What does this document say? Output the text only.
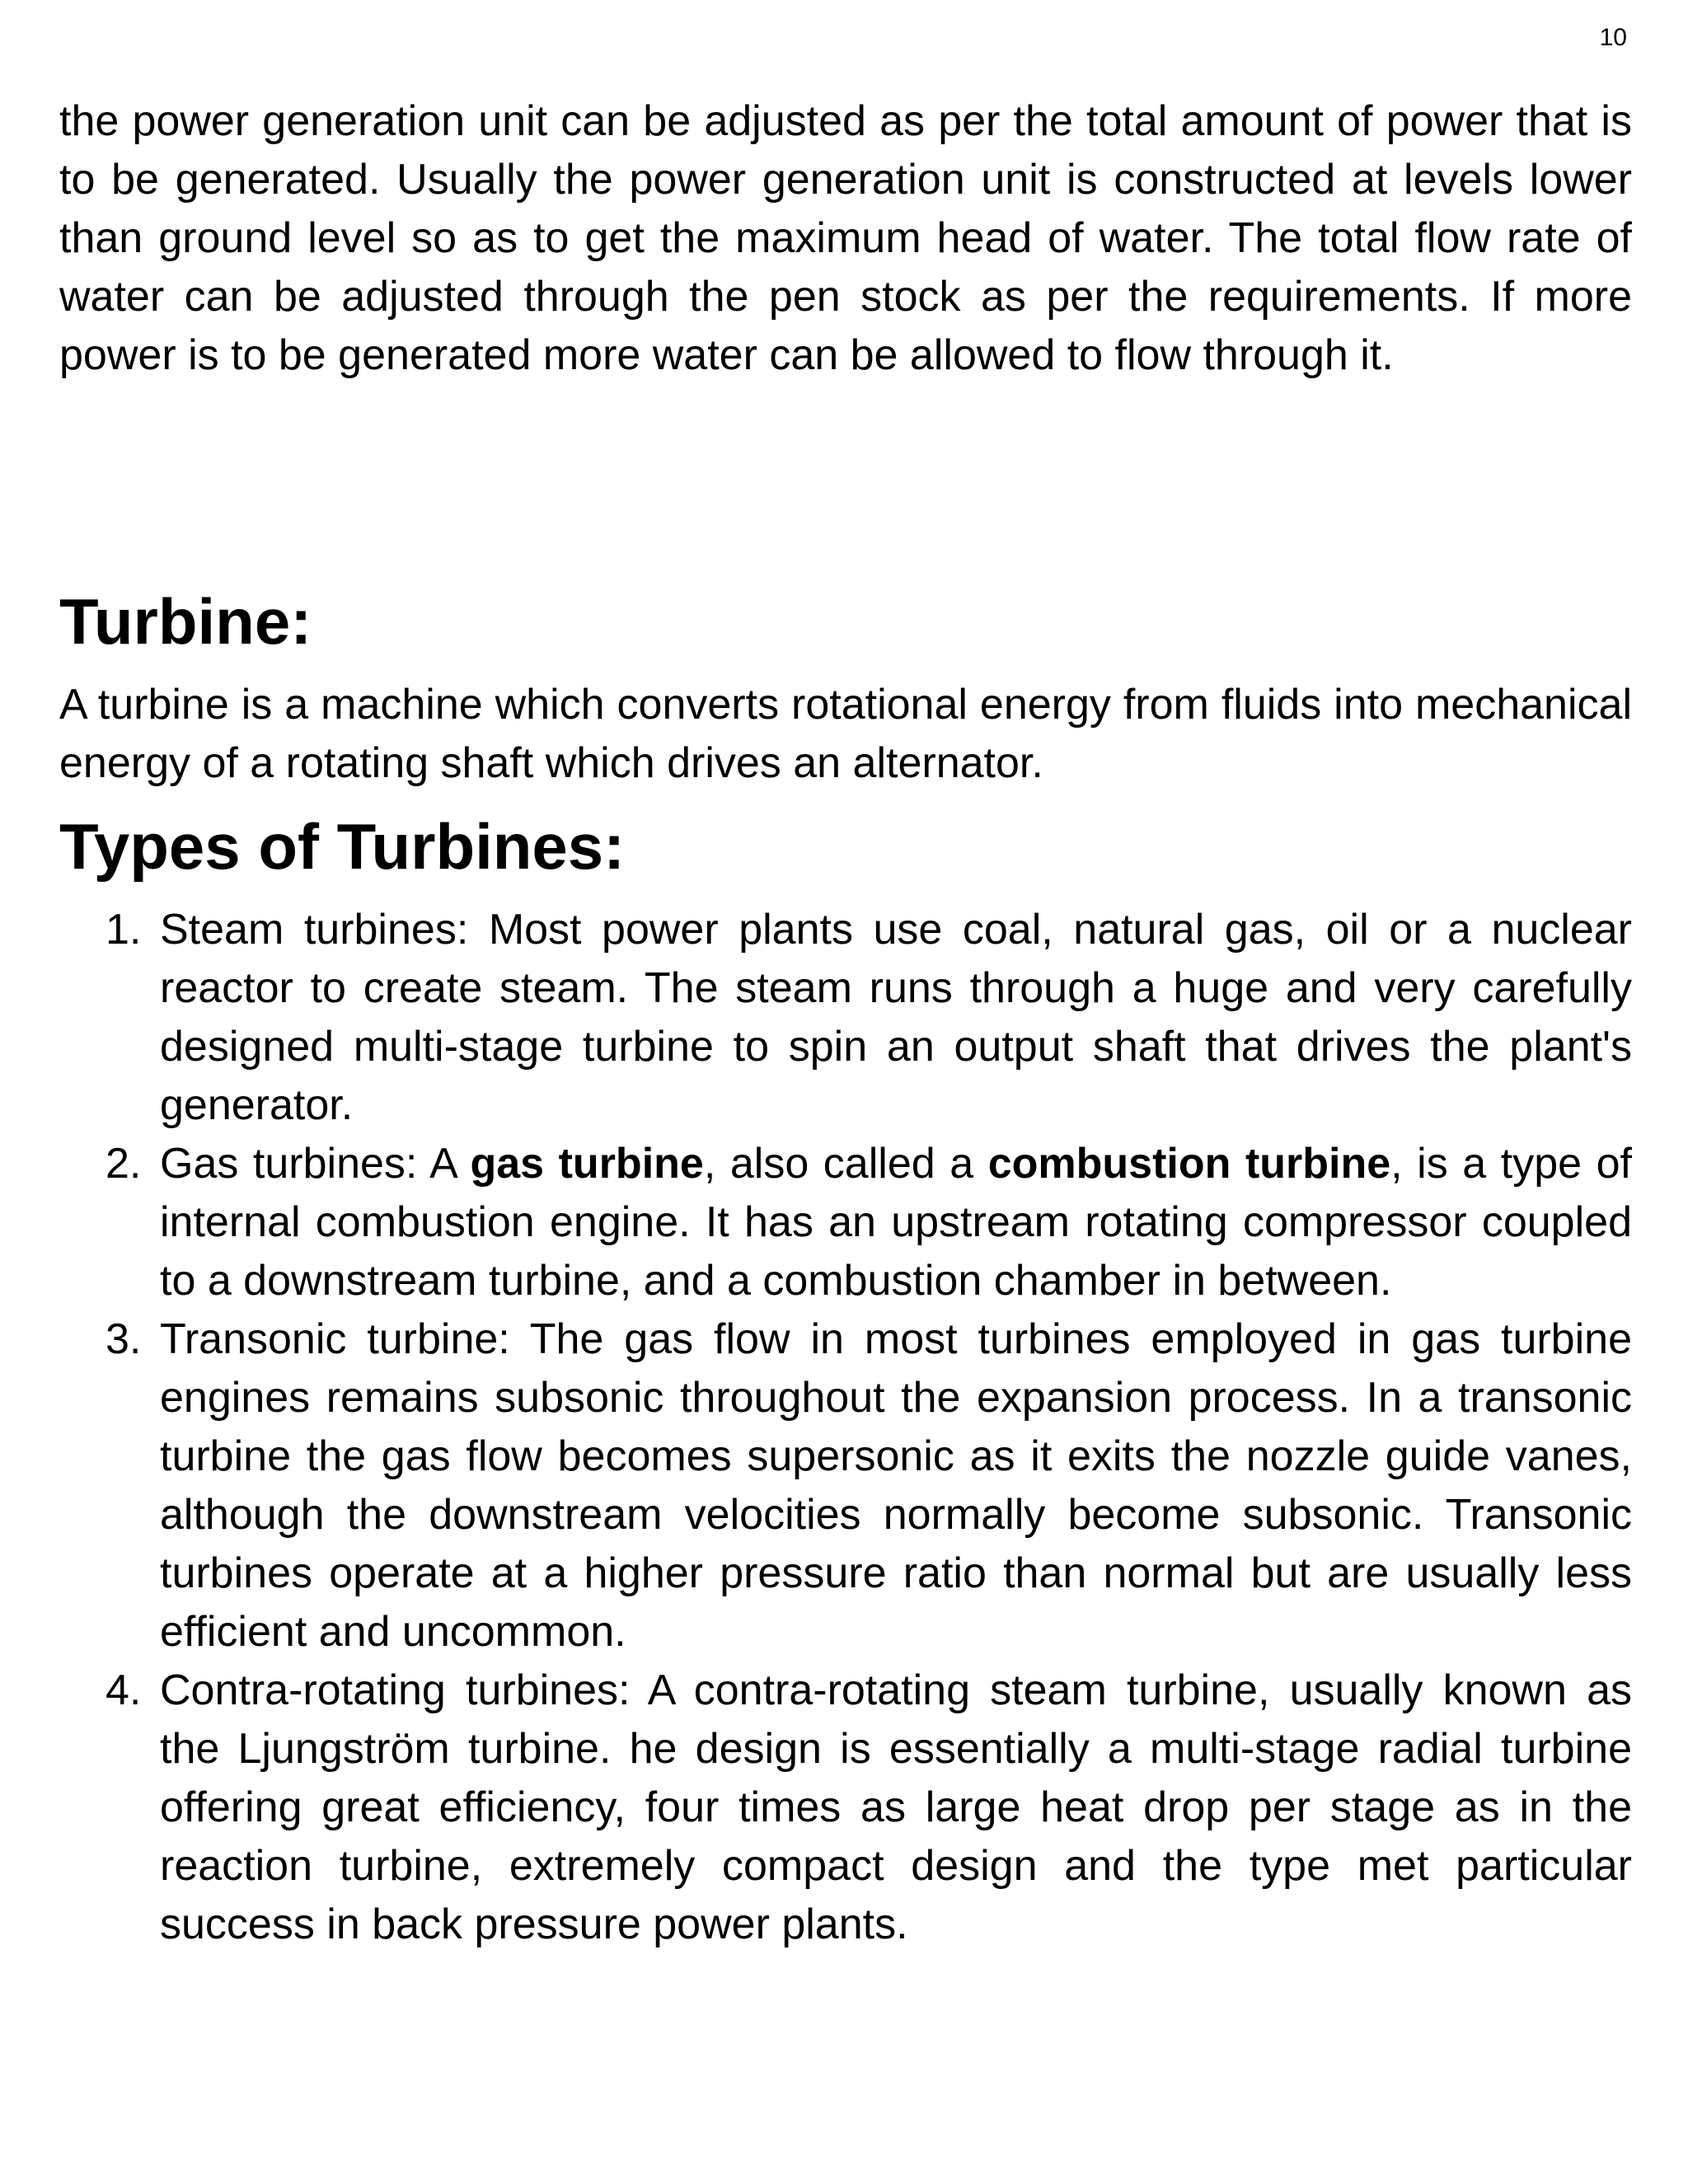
10

the power generation unit can be adjusted as per the total amount of power that is to be generated. Usually the power generation unit is constructed at levels lower than ground level so as to get the maximum head of water. The total flow rate of water can be adjusted through the pen stock as per the requirements. If more power is to be generated more water can be allowed to flow through it.

Turbine:

A turbine is a machine which converts rotational energy from fluids into mechanical energy of a rotating shaft which drives an alternator.

Types of Turbines:
1. Steam turbines: Most power plants use coal, natural gas, oil or a nuclear reactor to create steam. The steam runs through a huge and very carefully designed multi-stage turbine to spin an output shaft that drives the plant's generator.
2. Gas turbines: A gas turbine, also called a combustion turbine, is a type of internal combustion engine. It has an upstream rotating compressor coupled to a downstream turbine, and a combustion chamber in between.
3. Transonic turbine: The gas flow in most turbines employed in gas turbine engines remains subsonic throughout the expansion process. In a transonic turbine the gas flow becomes supersonic as it exits the nozzle guide vanes, although the downstream velocities normally become subsonic. Transonic turbines operate at a higher pressure ratio than normal but are usually less efficient and uncommon.
4. Contra-rotating turbines: A contra-rotating steam turbine, usually known as the Ljungström turbine. he design is essentially a multi-stage radial turbine offering great efficiency, four times as large heat drop per stage as in the reaction turbine, extremely compact design and the type met particular success in back pressure power plants.
